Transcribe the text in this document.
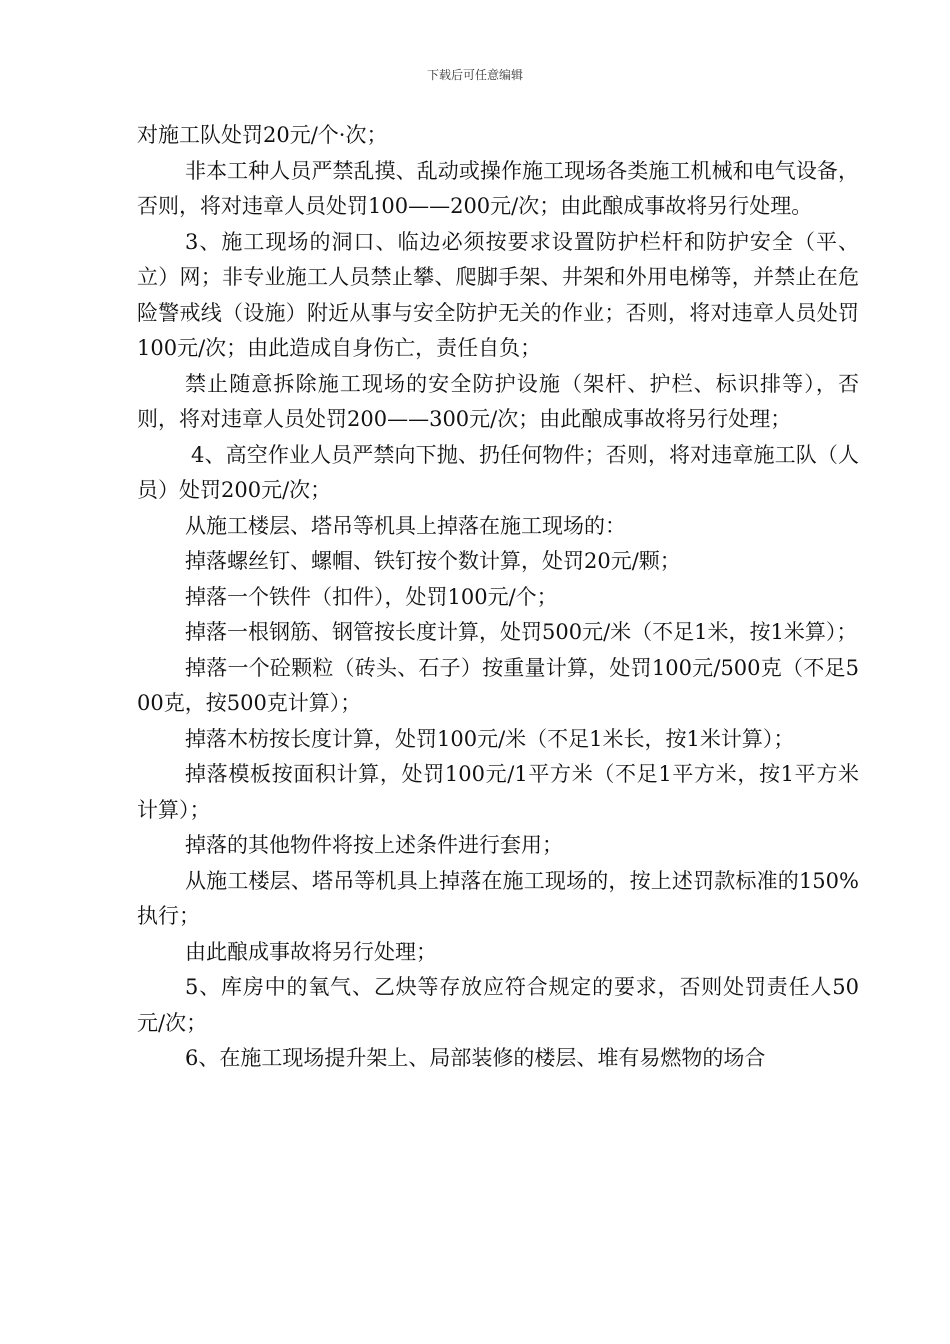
下载后可任意编辑

对施工队处罚20元/个·次；

非本工种人员严禁乱摸、乱动或操作施工现场各类施工机械和电气设备，否则，将对违章人员处罚100——200元/次；由此酿成事故将另行处理。

3、施工现场的洞口、临边必须按要求设置防护栏杆和防护安全（平、立）网；非专业施工人员禁止攀、爬脚手架、井架和外用电梯等，并禁止在危险警戒线（设施）附近从事与安全防护无关的作业；否则，将对违章人员处罚100元/次；由此造成自身伤亡，责任自负；

禁止随意拆除施工现场的安全防护设施（架杆、护栏、标识排等），否则，将对违章人员处罚200——300元/次；由此酿成事故将另行处理；

4、高空作业人员严禁向下抛、扔任何物件；否则，将对违章施工队（人员）处罚200元/次；

从施工楼层、塔吊等机具上掉落在施工现场的：

掉落螺丝钉、螺帽、铁钉按个数计算，处罚20元/颗；

掉落一个铁件（扣件），处罚100元/个；

掉落一根钢筋、钢管按长度计算，处罚500元/米（不足1米，按1米算）；

掉落一个砼颗粒（砖头、石子）按重量计算，处罚100元/500克（不足500克，按500克计算）；

掉落木枋按长度计算，处罚100元/米（不足1米长，按1米计算）；

掉落模板按面积计算，处罚100元/1平方米（不足1平方米，按1平方米计算）；

掉落的其他物件将按上述条件进行套用；

从施工楼层、塔吊等机具上掉落在施工现场的，按上述罚款标准的150%执行；

由此酿成事故将另行处理；

5、库房中的氧气、乙炔等存放应符合规定的要求，否则处罚责任人50元/次；

6、在施工现场提升架上、局部装修的楼层、堆有易燃物的场合
